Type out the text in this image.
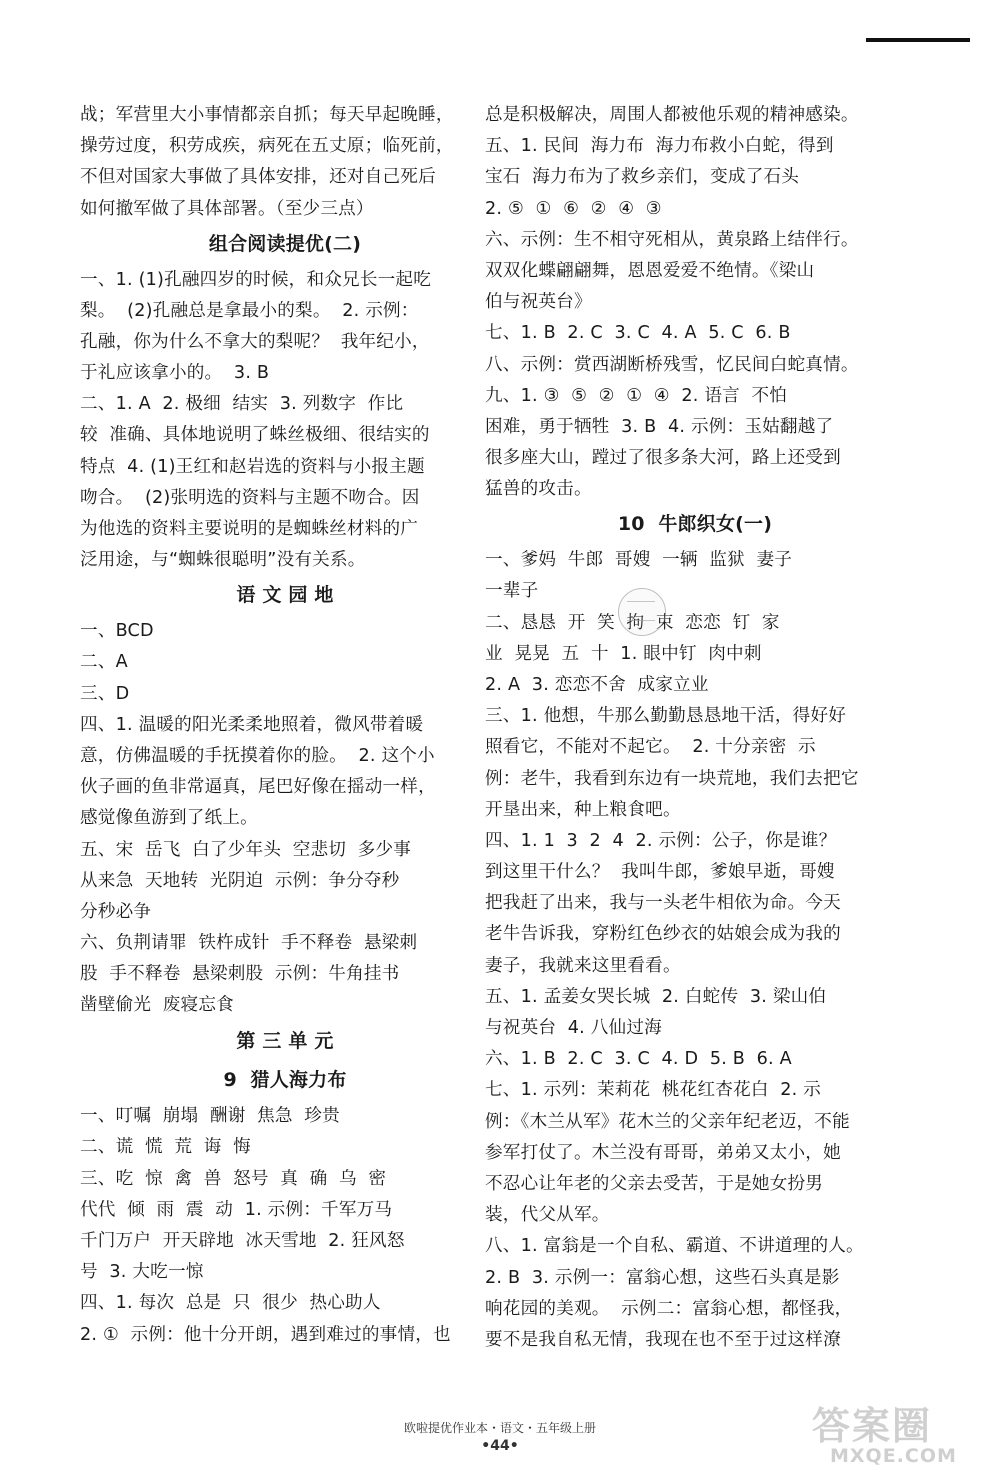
战；军营里大小事情都亲自抓；每天早起晚睡，
操劳过度，积劳成疾，病死在五丈原；临死前，
不但对国家大事做了具体安排，还对自己死后
如何撤军做了具体部署。（至少三点）
组合阅读提优(二)
一、1. (1)孔融四岁的时候，和众兄长一起吃
梨。  (2)孔融总是拿最小的梨。  2. 示例：
孔融，你为什么不拿大的梨呢？  我年纪小，
于礼应该拿小的。  3. B
二、1. A  2. 极细  结实  3. 列数字  作比
较  准确、具体地说明了蛛丝极细、很结实的
特点  4. (1)王红和赵岩选的资料与小报主题
吻合。  (2)张明选的资料与主题不吻合。因
为他选的资料主要说明的是蜘蛛丝材料的广
泛用途，与“蜘蛛很聪明”没有关系。
语 文 园 地
一、BCD
二、A
三、D
四、1. 温暖的阳光柔柔地照着，微风带着暖
意，仿佛温暖的手抚摸着你的脸。  2. 这个小
伙子画的鱼非常逼真，尾巴好像在摇动一样，
感觉像鱼游到了纸上。
五、宋  岳飞  白了少年头  空悲切  多少事
从来急  天地转  光阴迫  示例：争分夺秒
分秒必争
六、负荆请罪  铁杵成针  手不释卷  悬梁刺
股  手不释卷  悬梁刺股  示例：牛角挂书
凿壁偷光  废寝忘食
第 三 单 元
9  猎人海力布
一、叮嘱  崩塌  酬谢  焦急  珍贵
二、谎  慌  荒  诲  悔
三、吃  惊  禽  兽  怒号  真  确  乌  密
代代  倾  雨  震  动  1. 示例：千军万马
千门万户  开天辟地  冰天雪地  2. 狂风怒
号  3. 大吃一惊
四、1. 每次  总是  只  很少  热心助人
2. ①  示例：他十分开朗，遇到难过的事情，也
总是积极解决，周围人都被他乐观的精神感染。
五、1. 民间  海力布  海力布救小白蛇，得到
宝石  海力布为了救乡亲们，变成了石头
2. ⑤  ①  ⑥  ②  ④  ③
六、示例：生不相守死相从，黄泉路上结伴行。
双双化蝶翩翩舞，恩恩爱爱不绝情。《梁山
伯与祝英台》
七、1. B  2. C  3. C  4. A  5. C  6. B
八、示例：赏西湖断桥残雪，忆民间白蛇真情。
九、1. ③  ⑤  ②  ①  ④  2. 语言  不怕
困难，勇于牺牲  3. B  4. 示例：玉姑翻越了
很多座大山，蹚过了很多条大河，路上还受到
猛兽的攻击。
10  牛郎织女(一)
一、爹妈  牛郎  哥嫂  一辆  监狱  妻子
一辈子
二、恳恳  开  笑  拘  束  恋恋  钉  家
业  晃晃  五  十  1. 眼中钉  肉中刺
2. A  3. 恋恋不舍  成家立业
三、1. 他想，牛那么勤勤恳恳地干活，得好好
照看它，不能对不起它。  2. 十分亲密  示
例：老牛，我看到东边有一块荒地，我们去把它
开垦出来，种上粮食吧。
四、1. 1  3  2  4  2. 示例：公子，你是谁？
到这里干什么？  我叫牛郎，爹娘早逝，哥嫂
把我赶了出来，我与一头老牛相依为命。今天
老牛告诉我，穿粉红色纱衣的姑娘会成为我的
妻子，我就来这里看看。
五、1. 孟姜女哭长城  2. 白蛇传  3. 梁山伯
与祝英台  4. 八仙过海
六、1. B  2. C  3. C  4. D  5. B  6. A
七、1. 示列：茉莉花  桃花红杏花白  2. 示
例：《木兰从军》花木兰的父亲年纪老迈，不能
参军打仗了。木兰没有哥哥，弟弟又太小，她
不忍心让年老的父亲去受苦，于是她女扮男
装，代父从军。
八、1. 富翁是一个自私、霸道、不讲道理的人。
2. B  3. 示例一：富翁心想，这些石头真是影
响花园的美观。  示例二：富翁心想，都怪我，
要不是我自私无情，我现在也不至于过这样潦
欧啦提优作业本・语文・五年级上册
•44•	答案圈
MXQE.COM
